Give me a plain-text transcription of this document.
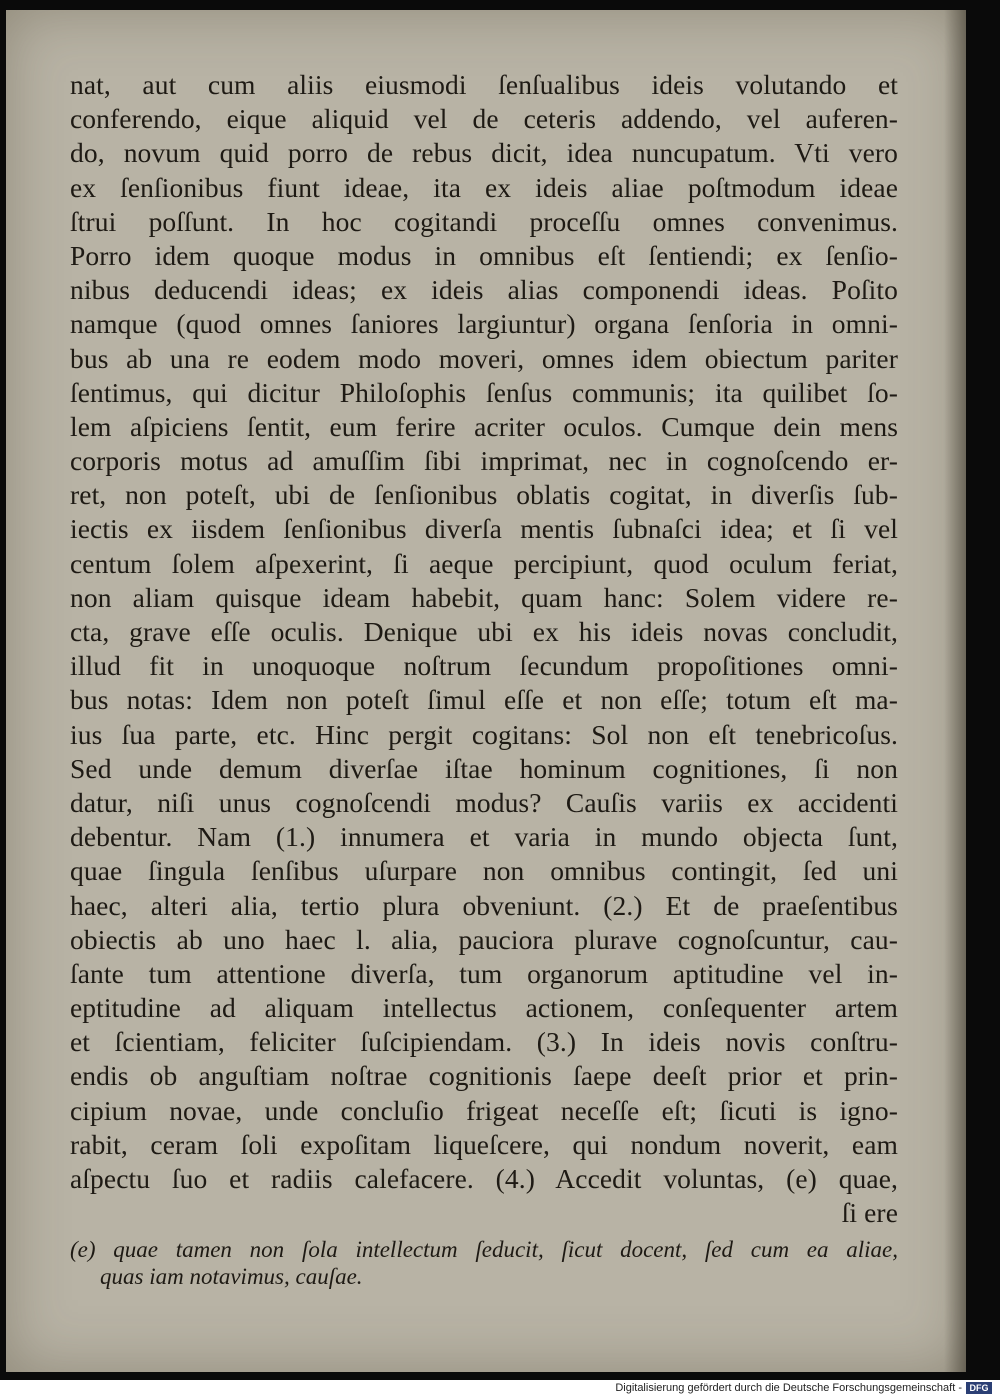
nat, aut cum aliis eiusmodi ſenſualibus ideis volutando et
conferendo, eique aliquid vel de ceteris addendo, vel auferen-
do, novum quid porro de rebus dicit, idea nuncupatum. Vti vero
ex ſenſionibus fiunt ideae, ita ex ideis aliae poſtmodum ideae
ſtrui poſſunt. In hoc cogitandi proceſſu omnes convenimus.
Porro idem quoque modus in omnibus eſt ſentiendi; ex ſenſio-
nibus deducendi ideas; ex ideis alias componendi ideas. Poſito
namque (quod omnes ſaniores largiuntur) organa ſenſoria in omni-
bus ab una re eodem modo moveri, omnes idem obiectum pariter
ſentimus, qui dicitur Philoſophis ſenſus communis; ita quilibet ſo-
lem aſpiciens ſentit, eum ferire acriter oculos. Cumque dein mens
corporis motus ad amuſſim ſibi imprimat, nec in cognoſcendo er-
ret, non poteſt, ubi de ſenſionibus oblatis cogitat, in diverſis ſub-
iectis ex iisdem ſenſionibus diverſa mentis ſubnaſci idea; et ſi vel
centum ſolem aſpexerint, ſi aeque percipiunt, quod oculum feriat,
non aliam quisque ideam habebit, quam hanc: Solem videre re-
cta, grave eſſe oculis. Denique ubi ex his ideis novas concludit,
illud fit in unoquoque noſtrum ſecundum propoſitiones omni-
bus notas: Idem non poteſt ſimul eſſe et non eſſe; totum eſt ma-
ius ſua parte, etc. Hinc pergit cogitans: Sol non eſt tenebricoſus.
Sed unde demum diverſae iſtae hominum cognitiones, ſi non
datur, niſi unus cognoſcendi modus? Cauſis variis ex accidenti
debentur. Nam (1.) innumera et varia in mundo objecta ſunt,
quae ſingula ſenſibus uſurpare non omnibus contingit, ſed uni
haec, alteri alia, tertio plura obveniunt. (2.) Et de praeſentibus
obiectis ab uno haec l. alia, pauciora plurave cognoſcuntur, cau-
ſante tum attentione diverſa, tum organorum aptitudine vel in-
eptitudine ad aliquam intellectus actionem, conſequenter artem
et ſcientiam, feliciter ſuſcipiendam. (3.) In ideis novis conſtru-
endis ob anguſtiam noſtrae cognitionis ſaepe deeſt prior et prin-
cipium novae, unde concluſio frigeat neceſſe eſt; ſicuti is igno-
rabit, ceram ſoli expoſitam liqueſcere, qui nondum noverit, eam
aſpectu ſuo et radiis calefacere. (4.) Accedit voluntas, (e) quae,
ſi ere
(e) quae tamen non ſola intellectum ſeducit, ſicut docent, ſed cum ea aliae,
quas iam notavimus, cauſae.
Digitalisierung gefördert durch die Deutsche Forschungsgemeinschaft - DFG
